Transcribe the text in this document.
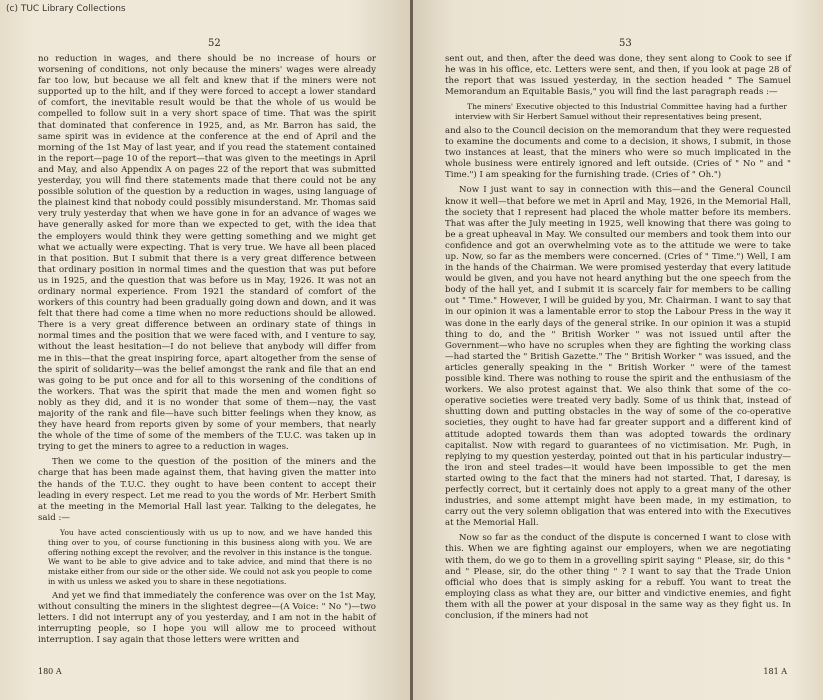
(c) TUC Library Collections
52

no reduction in wages, and there should be no increase of hours or worsening of conditions, not only because the miners' wages were already far too low, but because we all felt and knew that if the miners were not supported up to the hilt, and if they were forced to accept a lower standard of comfort, the inevitable result would be that the whole of us would be compelled to follow suit in a very short space of time. That was the spirit that dominated that conference in 1925, and, as Mr. Barron has said, the same spirit was in evidence at the conference at the end of April and the morning of the 1st May of last year, and if you read the statement contained in the report—page 10 of the report—that was given to the meetings in April and May, and also Appendix A on pages 22 of the report that was submitted yesterday, you will find there statements made that there could not be any possible solution of the question by a reduction in wages, using language of the plainest kind that nobody could possibly misunderstand. Mr. Thomas said very truly yesterday that when we have gone in for an advance of wages we have generally asked for more than we expected to get, with the idea that the employers would think they were getting something and we might get what we actually were expecting. That is very true. We have all been placed in that position. But I submit that there is a very great difference between that ordinary position in normal times and the question that was put before us in 1925, and the question that was before us in May, 1926. It was not an ordinary normal experience. From 1921 the standard of comfort of the workers of this country had been gradually going down and down, and it was felt that there had come a time when no more reductions should be allowed. There is a very great difference between an ordinary state of things in normal times and the position that we were faced with, and I venture to say, without the least hesitation—I do not believe that anybody will differ from me in this—that the great inspiring force, apart altogether from the sense of the spirit of solidarity—was the belief amongst the rank and file that an end was going to be put once and for all to this worsening of the conditions of the workers. That was the spirit that made the men and women fight so nobly as they did, and it is no wonder that some of them—nay, the vast majority of the rank and file—have such bitter feelings when they know, as they have heard from reports given by some of your members, that nearly the whole of the time of some of the members of the T.U.C. was taken up in trying to get the miners to agree to a reduction in wages.

Then we come to the question of the position of the miners and the charge that has been made against them, that having given the matter into the hands of the T.U.C. they ought to have been content to accept their leading in every respect. Let me read to you the words of Mr. Herbert Smith at the meeting in the Memorial Hall last year. Talking to the delegates, he said :—

You have acted conscientiously with us up to now, and we have handed this thing over to you, of course functioning in this business along with you. We are offering nothing except the revolver, and the revolver in this instance is the tongue. We want to be able to give advice and to take advice, and mind that there is no mistake either from our side or the other side. We could not ask you people to come in with us unless we asked you to share in these negotiations.

And yet we find that immediately the conference was over on the 1st May, without consulting the miners in the slightest degree—(A Voice: " No ")—two letters. I did not interrupt any of you yesterday, and I am not in the habit of interrupting people, so I hope you will allow me to proceed without interruption. I say again that those letters were written and

180 A
53

sent out, and then, after the deed was done, they sent along to Cook to see if he was in his office, etc. Letters were sent, and then, if you look at page 28 of the report that was issued yesterday, in the section headed " The Samuel Memorandum an Equitable Basis," you will find the last paragraph reads :—

The miners' Executive objected to this Industrial Committee having had a further interview with Sir Herbert Samuel without their representatives being present,

and also to the Council decision on the memorandum that they were requested to examine the documents and come to a decision, it shows, I submit, in those two instances at least, that the miners who were so much implicated in the whole business were entirely ignored and left outside. (Cries of " No " and " Time.") I am speaking for the furnishing trade. (Cries of " Oh.")

Now I just want to say in connection with this—and the General Council know it well—that before we met in April and May, 1926, in the Memorial Hall, the society that I represent had placed the whole matter before its members. That was after the July meeting in 1925, well knowing that there was going to be a great upheaval in May. We consulted our members and took them into our confidence and got an overwhelming vote as to the attitude we were to take up. Now, so far as the members were concerned. (Cries of " Time.") Well, I am in the hands of the Chairman. We were promised yesterday that every latitude would be given, and you have not heard anything but the one speech from the body of the hall yet, and I submit it is scarcely fair for members to be calling out " Time." However, I will be guided by you, Mr. Chairman. I want to say that in our opinion it was a lamentable error to stop the Labour Press in the way it was done in the early days of the general strike. In our opinion it was a stupid thing to do, and the " British Worker " was not issued until after the Government—who have no scruples when they are fighting the working class—had started the " British Gazette." The " British Worker " was issued, and the articles generally speaking in the " British Worker " were of the tamest possible kind. There was nothing to rouse the spirit and the enthusiasm of the workers. We also protest against that. We also think that some of the co-operative societies were treated very badly. Some of us think that, instead of shutting down and putting obstacles in the way of some of the co-operative societies, they ought to have had far greater support and a different kind of attitude adopted towards them than was adopted towards the ordinary capitalist. Now with regard to guarantees of no victimisation. Mr. Pugh, in replying to my question yesterday, pointed out that in his particular industry—the iron and steel trades—it would have been impossible to get the men started owing to the fact that the miners had not started. That, I daresay, is perfectly correct, but it certainly does not apply to a great many of the other industries, and some attempt might have been made, in my estimation, to carry out the very solemn obligation that was entered into with the Executives at the Memorial Hall.

Now so far as the conduct of the dispute is concerned I want to close with this. When we are fighting against our employers, when we are negotiating with them, do we go to them in a grovelling spirit saying " Please, sir, do this " and " Please, sir, do the other thing " ? I want to say that the Trade Union official who does that is simply asking for a rebuff. You want to treat the employing class as what they are, our bitter and vindictive enemies, and fight them with all the power at your disposal in the same way as they fight us. In conclusion, if the miners had not

181 A
